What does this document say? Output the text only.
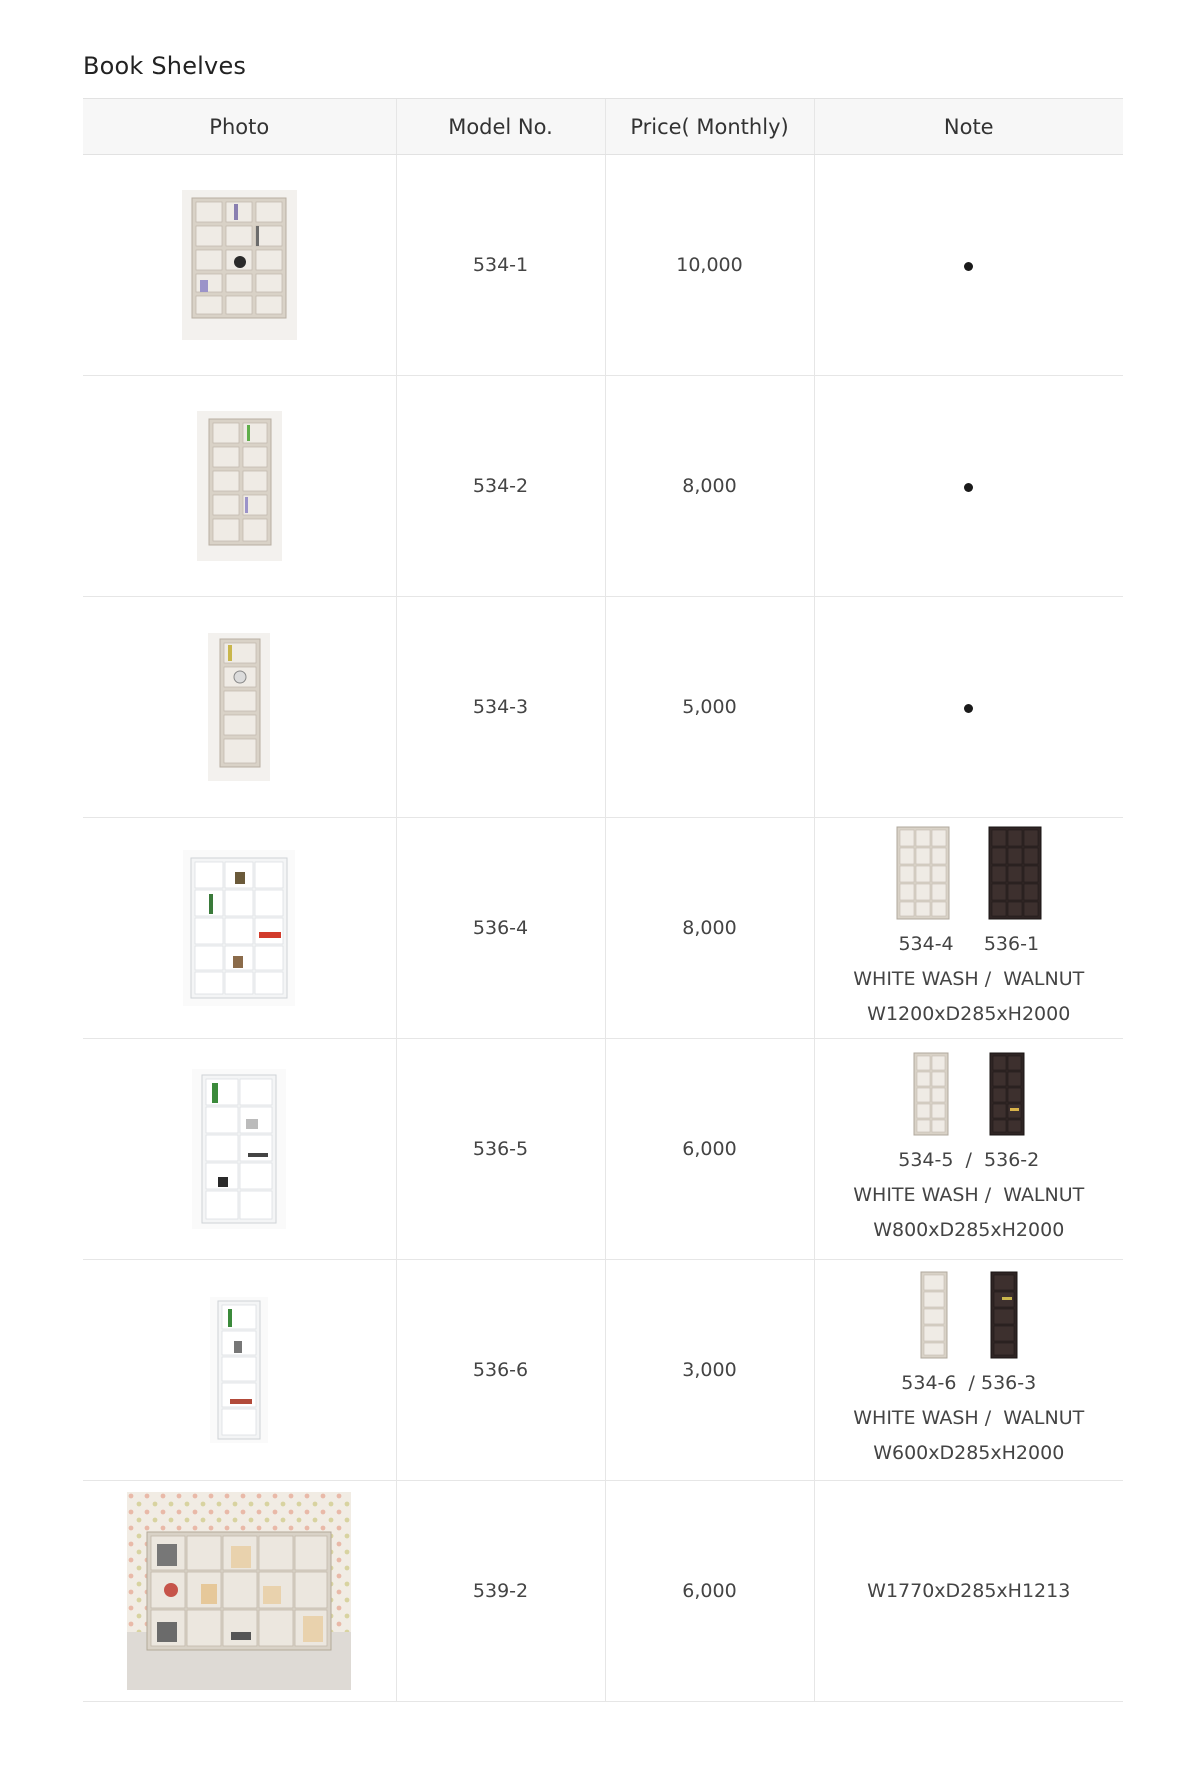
Book Shelves
Photo	Model No.	Price( Monthly)	Note
	534-1	10,000	
	534-2	8,000	
	534-3	5,000	
	536-4	8,000	534-4     536-1
WHITE WASH /  WALNUT
W1200xD285xH2000

	536-5	6,000	534-5  /  536-2
WHITE WASH /  WALNUT
W800xD285xH2000

	536-6	3,000	534-6  / 536-3
WHITE WASH /  WALNUT
W600xD285xH2000

	539-2	6,000	W1770xD285xH1213
